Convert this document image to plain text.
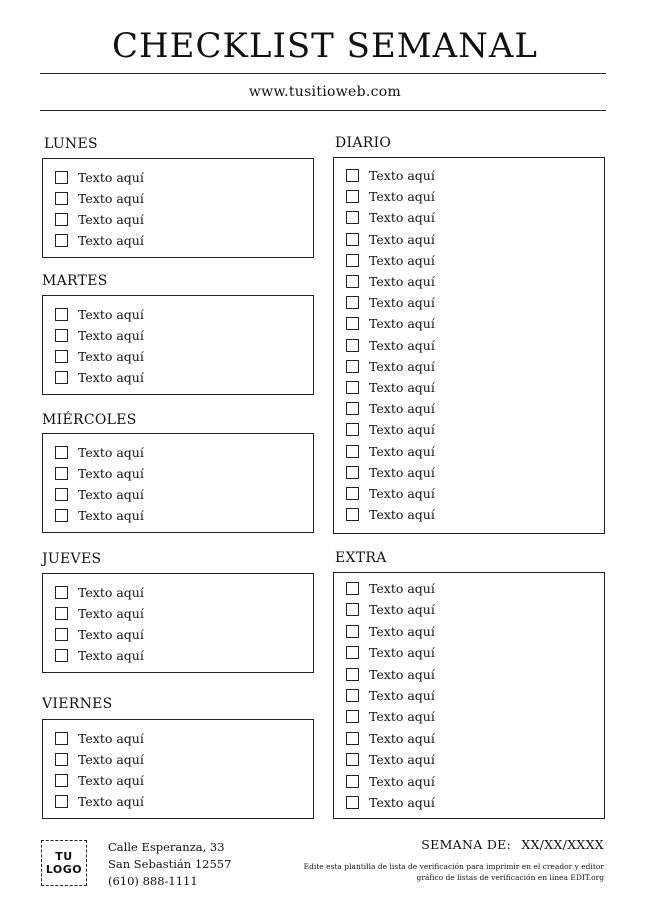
CHECKLIST SEMANAL
www.tusitioweb.com
LUNES
Texto aquí
Texto aquí
Texto aquí
Texto aquí
MARTES
Texto aquí
Texto aquí
Texto aquí
Texto aquí
MIÉRCOLES
Texto aquí
Texto aquí
Texto aquí
Texto aquí
JUEVES
Texto aquí
Texto aquí
Texto aquí
Texto aquí
VIERNES
Texto aquí
Texto aquí
Texto aquí
Texto aquí
DIARIO
Texto aquí
Texto aquí
Texto aquí
Texto aquí
Texto aquí
Texto aquí
Texto aquí
Texto aquí
Texto aquí
Texto aquí
Texto aquí
Texto aquí
Texto aquí
Texto aquí
Texto aquí
Texto aquí
Texto aquí
EXTRA
Texto aquí
Texto aquí
Texto aquí
Texto aquí
Texto aquí
Texto aquí
Texto aquí
Texto aquí
Texto aquí
Texto aquí
Texto aquí
TU
LOGO
Calle Esperanza, 33
San Sebastián 12557
(610) 888-1111
SEMANA DE: XX/XX/XXXX
Edite esta plantilla de lista de verificación para imprimir en el creador y editor
gráfico de listas de verificación en línea EDIT.org
